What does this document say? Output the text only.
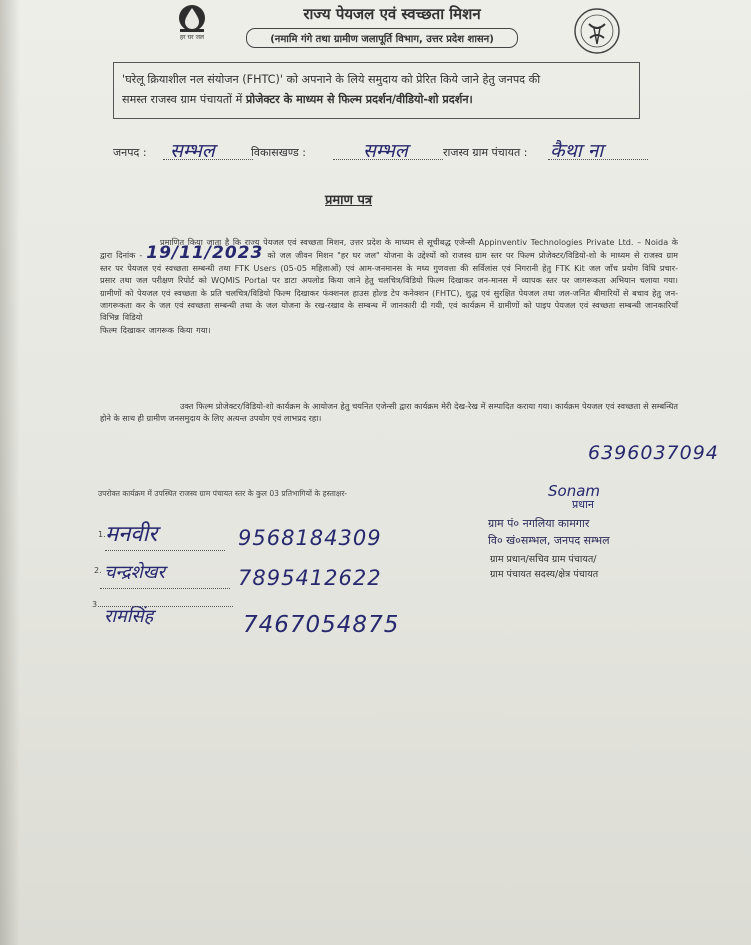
हर घर जल
राज्य पेयजल एवं स्वच्छता मिशन
(नमामि गंगे तथा ग्रामीण जलापूर्ति विभाग, उत्तर प्रदेश शासन)
'घरेलू क्रियाशील नल संयोजन (FHTC)' को अपनाने के लिये समुदाय को प्रेरित किये जाने हेतु जनपद की
समस्त राजस्व ग्राम पंचायतों में प्रोजेक्टर के माध्यम से फिल्म प्रदर्शन/वीडियो-शो प्रदर्शन।
जनपद : सम्भल	विकासखण्ड :	सम्भल	राजस्व ग्राम पंचायत : कैथा ना
प्रमाण पत्र
प्रमाणित किया जाता है कि राज्य पेयजल एवं स्वच्छता मिशन, उत्तर प्रदेश के माध्यम से सूचीबद्ध एजेन्सी Appinventiv Technologies Private Ltd. – Noida के द्वारा दिनांक - 19/11/2023 को जल जीवन मिशन "हर घर जल" योजना के उद्देश्यों को राजस्व ग्राम स्तर पर फिल्म प्रोजेक्टर/विडियो-शो के माध्यम से राजस्व ग्राम स्तर पर पेयजल एवं स्वच्छता सम्बन्धी तथा FTK Users (05-05 महिलाओं) एवं आम-जनमानस के मध्य गुणवत्ता की सर्विलांस एवं निगरानी हेतु FTK Kit जल जाँच प्रयोग विधि प्रचार-प्रसार तथा जल परीक्षण रिपोर्ट को WQMIS Portal पर डाटा अपलोड किया जाने हेतु चलचित्र/विडियो फिल्म दिखाकर जन-मानस में व्यापक स्तर पर जागरूकता अभियान चलाया गया। ग्रामीणों को पेयजल एवं स्वच्छता के प्रति चलचित्र/विडियो फिल्म दिखाकर फंक्शनल हाउस होल्ड टेप कनेक्शन (FHTC), शुद्ध एवं सुरक्षित पेयजल तथा जल-जनित बीमारियों से बचाव हेतु जन-जागरूकता कर के जल एवं स्वच्छता सम्बन्धी तथा के जल योजना के रख-रखाव के सम्बन्ध में जानकारी दी गयी, एवं कार्यक्रम में ग्रामीणों को पाइप पेयजल एवं स्वच्छता सम्बन्धी जानकारियाँ विभिन्न विडियो
फिल्म दिखाकर जागरूक किया गया।
उक्त फिल्म प्रोजेक्टर/विडियो-शो कार्यक्रम के आयोजन हेतु चयनित एजेन्सी द्वारा कार्यक्रम मेरी देख-रेख में सम्पादित कराया गया। कार्यक्रम पेयजल एवं स्वच्छता से सम्बन्धित होने के साथ ही ग्रामीण जनसमुदाय के लिए अत्यन्त उपयोग एवं लाभप्रद रहा।
6396037094
उपरोक्त कार्यक्रम में उपस्थित राजस्व ग्राम पंचायत स्तर के कुल 03 प्रतिभागियों के हस्ताक्षर-
1. मनवीर	9568184309
2. चन्द्रशेखर	7895412622
3.
रामसिंह	7467054875
Sonam
प्रधान
ग्राम पं० नगलिया कामगार
वि० खं०सम्भल, जनपद सम्भल
ग्राम प्रधान/सचिव ग्राम पंचायत/
ग्राम पंचायत सदस्य/क्षेत्र पंचायत
